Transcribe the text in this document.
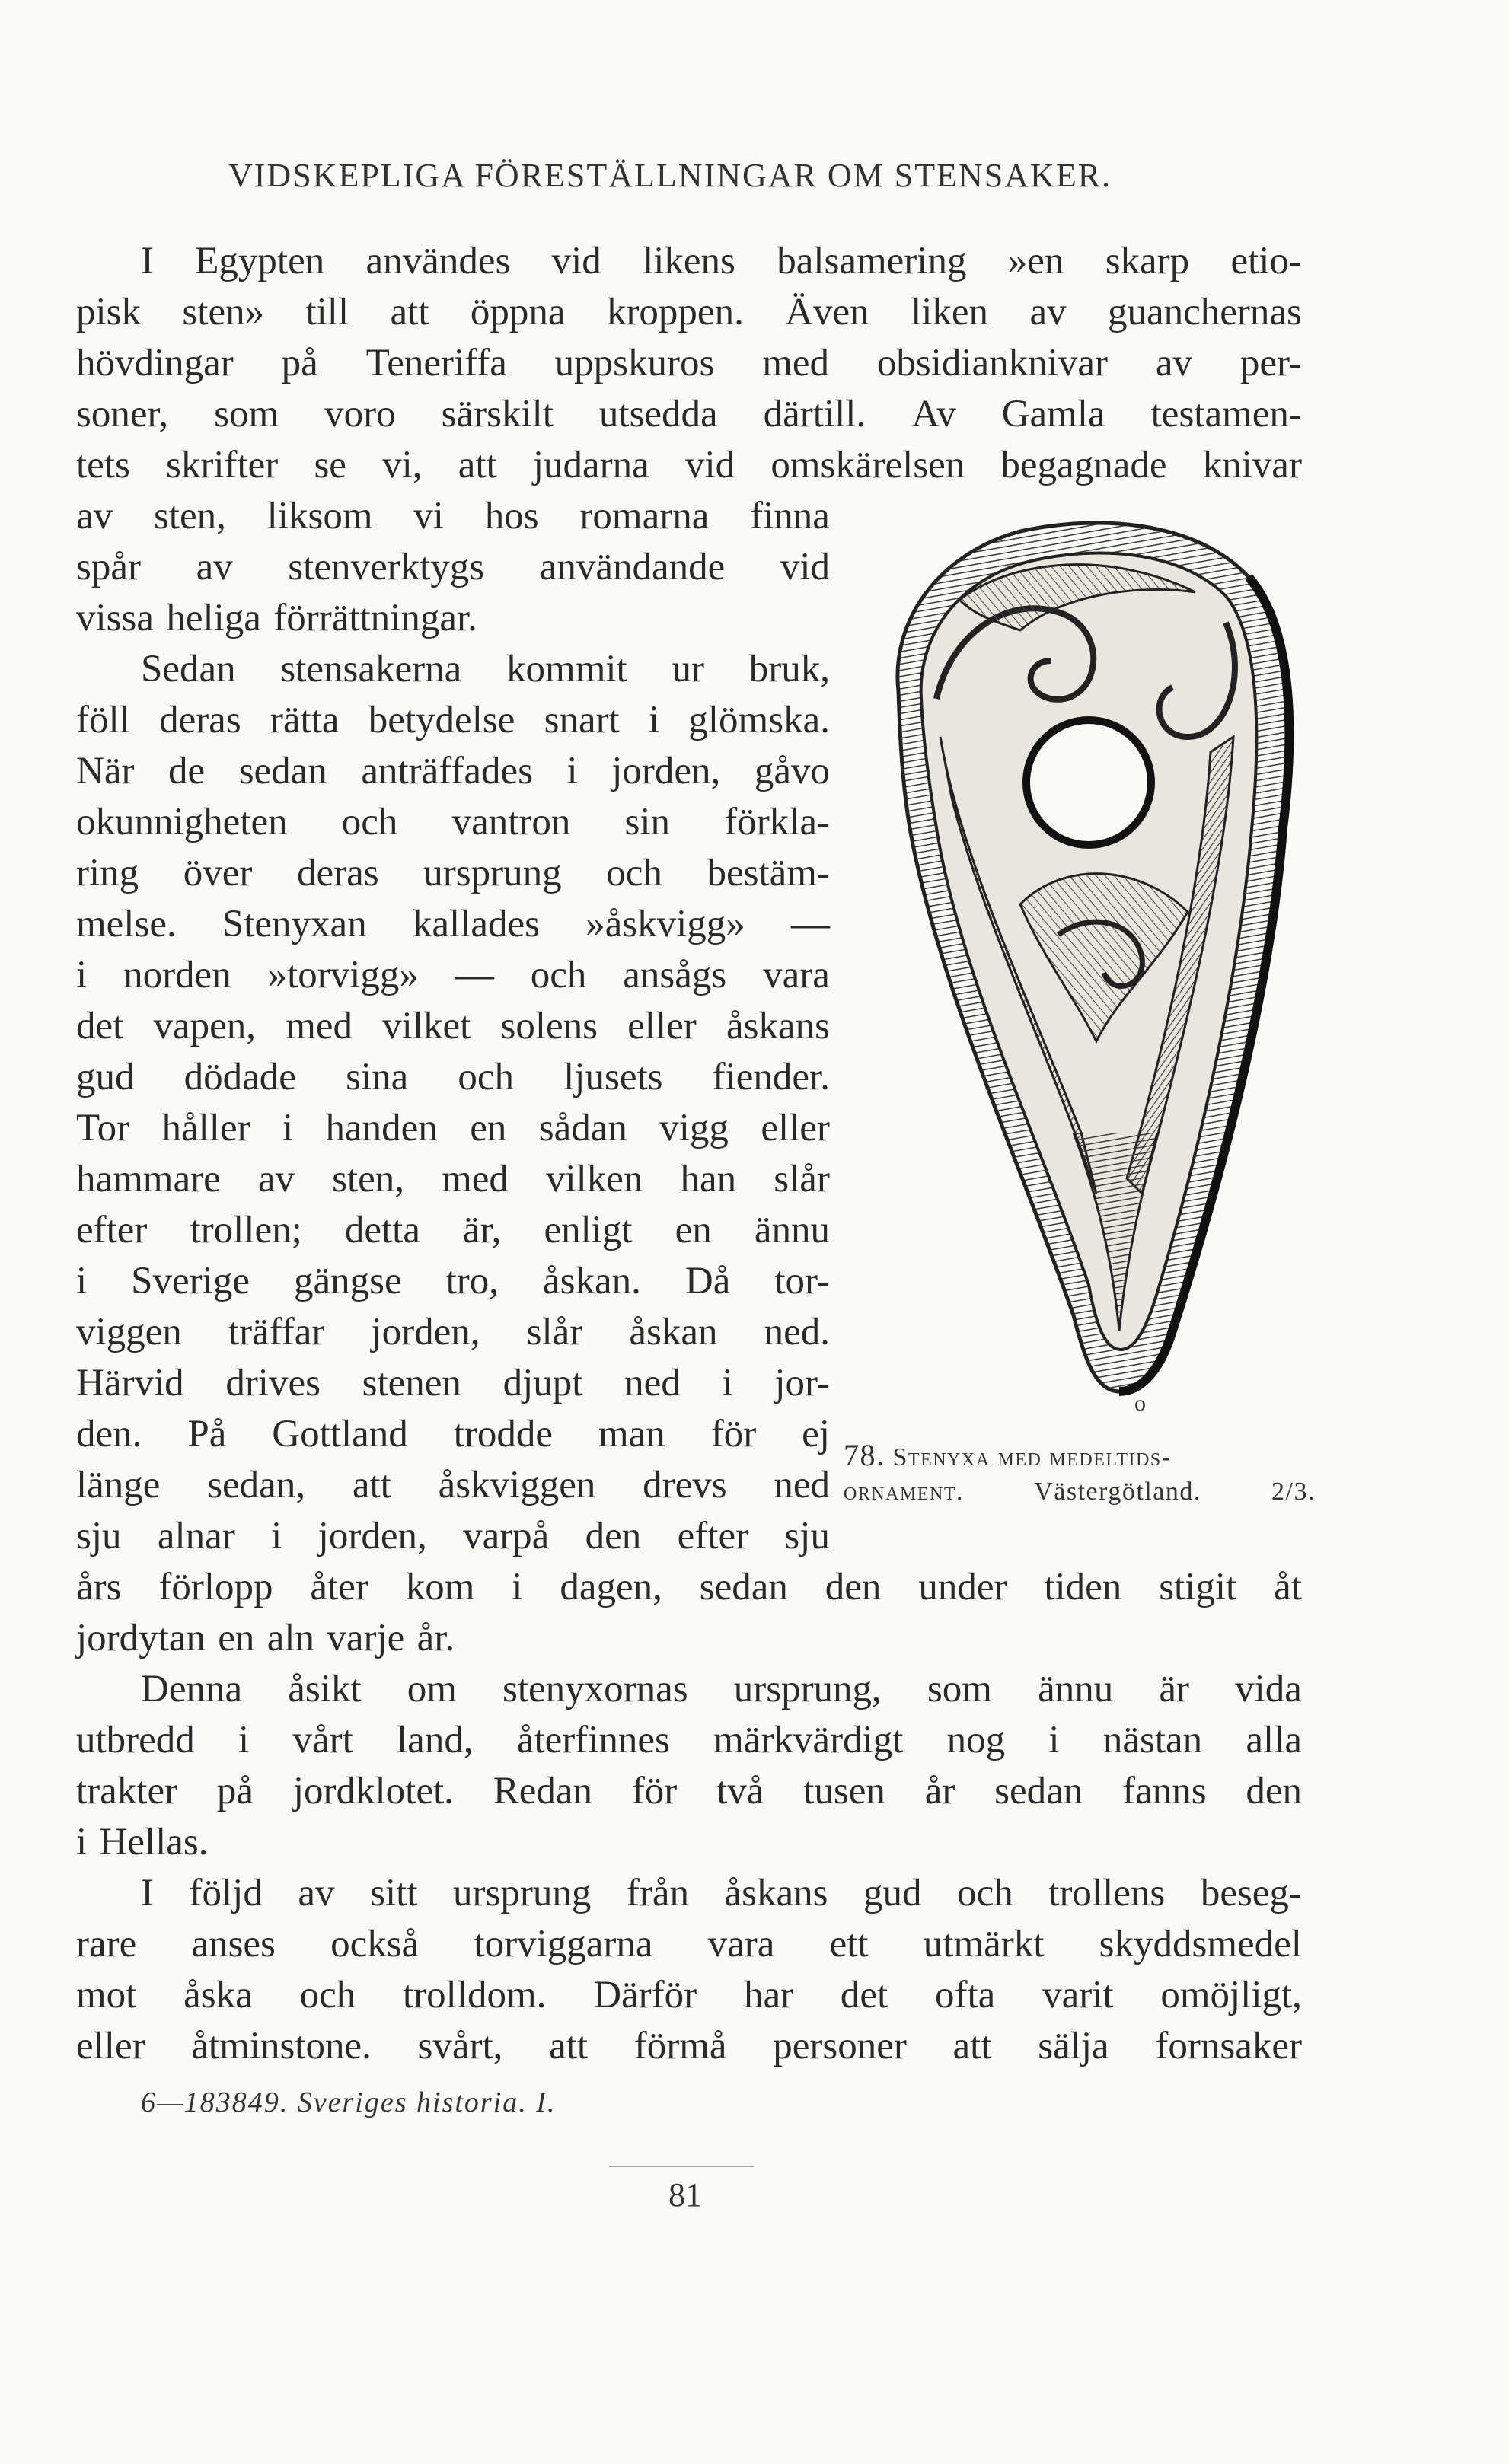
VIDSKEPLIGA FÖRESTÄLLNINGAR OM STENSAKER.
I Egypten användes vid likens balsamering »en skarp etio-
pisk sten» till att öppna kroppen. Även liken av guanchernas
hövdingar på Teneriffa uppskuros med obsidianknivar av per-
soner, som voro särskilt utsedda därtill. Av Gamla testamen-
tets skrifter se vi, att judarna vid omskärelsen begagnade knivar
av sten, liksom vi hos romarna finna
spår av stenverktygs användande vid
vissa heliga förrättningar.
Sedan stensakerna kommit ur bruk,
föll deras rätta betydelse snart i glömska.
När de sedan anträffades i jorden, gåvo
okunnigheten och vantron sin förkla-
ring över deras ursprung och bestäm-
melse. Stenyxan kallades »åskvigg» —
i norden »torvigg» — och ansågs vara
det vapen, med vilket solens eller åskans
gud dödade sina och ljusets fiender.
Tor håller i handen en sådan vigg eller
hammare av sten, med vilken han slår
efter trollen; detta är, enligt en ännu
i Sverige gängse tro, åskan. Då tor-
viggen träffar jorden, slår åskan ned.
Härvid drives stenen djupt ned i jor-
den. På Gottland trodde man för ej
länge sedan, att åskviggen drevs ned
sju alnar i jorden, varpå den efter sju
års förlopp åter kom i dagen, sedan den under tiden stigit åt
jordytan en aln varje år.
Denna åsikt om stenyxornas ursprung, som ännu är vida
utbredd i vårt land, återfinnes märkvärdigt nog i nästan alla
trakter på jordklotet. Redan för två tusen år sedan fanns den
i Hellas.
I följd av sitt ursprung från åskans gud och trollens beseg-
rare anses också torviggarna vara ett utmärkt skyddsmedel
mot åska och trolldom. Därför har det ofta varit omöjligt,
eller åtminstone. svårt, att förmå personer att sälja fornsaker
o
78. Stenyxa med medeltids-
ornament.	Västergötland.	2/3.
6—183849. Sveriges historia. I.
81
